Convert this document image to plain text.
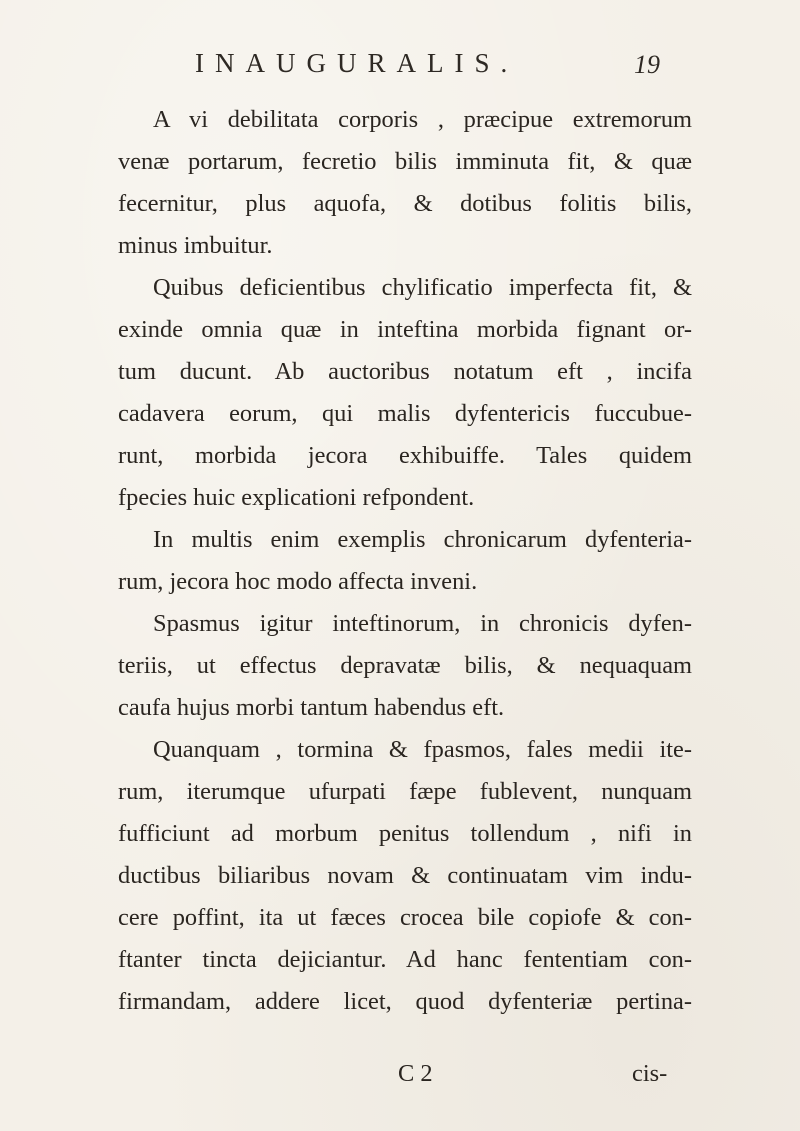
INAUGURALIS.	19
A vi debilitata corporis , præcipue extremorum
venæ portarum, fecretio bilis imminuta fit, & quæ
fecernitur, plus aquofa, & dotibus folitis bilis,
minus imbuitur.
Quibus deficientibus chylificatio imperfecta fit, &
exinde omnia quæ in inteftina morbida fignant or-
tum ducunt. Ab auctoribus notatum eft , incifa
cadavera eorum, qui malis dyfentericis fuccubue-
runt, morbida jecora exhibuiffe. Tales quidem
fpecies huic explicationi refpondent.
In multis enim exemplis chronicarum dyfenteria-
rum, jecora hoc modo affecta inveni.
Spasmus igitur inteftinorum, in chronicis dyfen-
teriis, ut effectus depravatæ bilis, & nequaquam
caufa hujus morbi tantum habendus eft.
Quanquam , tormina & fpasmos, fales medii ite-
rum, iterumque ufurpati fæpe fublevent, nunquam
fufficiunt ad morbum penitus tollendum , nifi in
ductibus biliaribus novam & continuatam vim indu-
cere poffint, ita ut fæces crocea bile copiofe & con-
ftanter tincta dejiciantur. Ad hanc fententiam con-
firmandam, addere licet, quod dyfenteriæ pertina-
C 2	cis-
